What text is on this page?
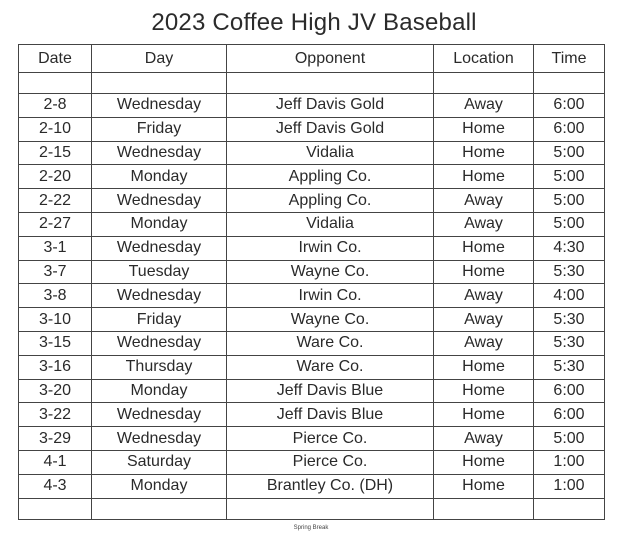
2023 Coffee High JV Baseball
Date	Day	Opponent	Location	Time

2-8	Wednesday	Jeff Davis Gold	Away	6:00
2-10	Friday	Jeff Davis Gold	Home	6:00
2-15	Wednesday	Vidalia	Home	5:00
2-20	Monday	Appling Co.	Home	5:00
2-22	Wednesday	Appling Co.	Away	5:00
2-27	Monday	Vidalia	Away	5:00
3-1	Wednesday	Irwin Co.	Home	4:30
3-7	Tuesday	Wayne Co.	Home	5:30
3-8	Wednesday	Irwin Co.	Away	4:00
3-10	Friday	Wayne Co.	Away	5:30
3-15	Wednesday	Ware Co.	Away	5:30
3-16	Thursday	Ware Co.	Home	5:30
3-20	Monday	Jeff Davis Blue	Home	6:00
3-22	Wednesday	Jeff Davis Blue	Home	6:00
3-29	Wednesday	Pierce Co.	Away	5:00
4-1	Saturday	Pierce Co.	Home	1:00
4-3	Monday	Brantley Co. (DH)	Home	1:00

Spring Break
